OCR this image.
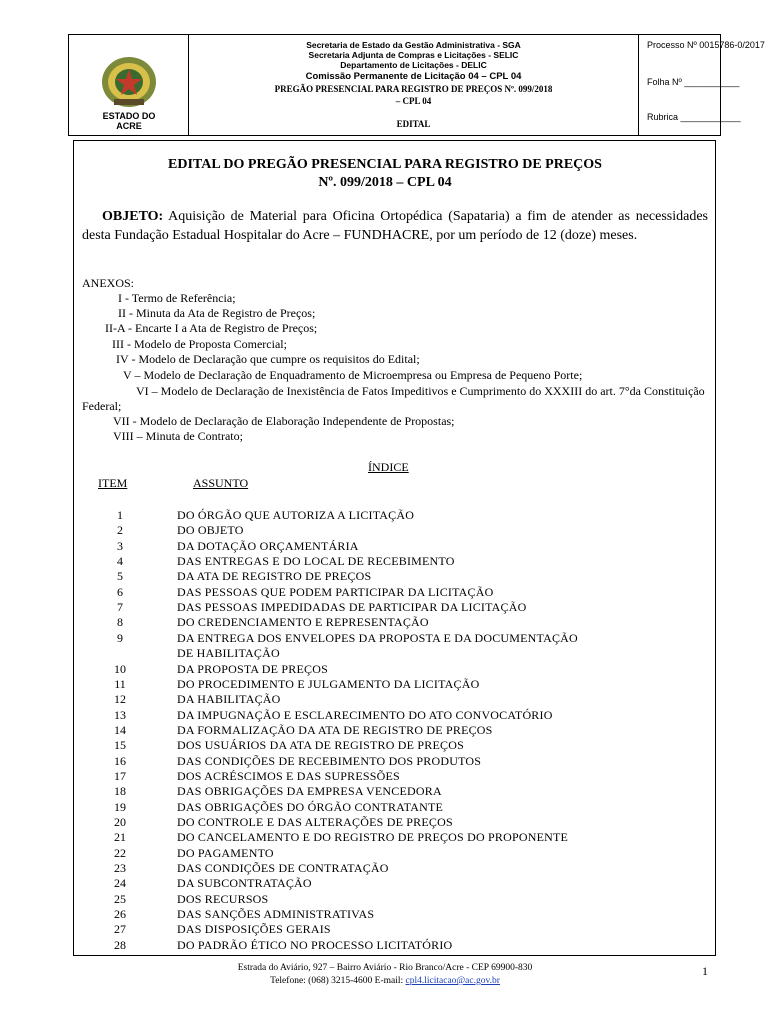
ESTADO DO
ACRE
Secretaria de Estado da Gestão Administrativa - SGA
Secretaria Adjunta de Compras e Licitações - SELIC
Departamento de Licitações - DELIC
Comissão Permanente de Licitação 04 – CPL 04
PREGÃO PRESENCIAL PARA REGISTRO DE PREÇOS Nº. 099/2018
– CPL 04
EDITAL
Processo Nº 0015786-0/2017
Folha Nº ___________
Rubrica ____________
EDITAL DO PREGÃO PRESENCIAL PARA REGISTRO DE PREÇOS
Nº. 099/2018 – CPL 04
OBJETO: Aquisição de Material para Oficina Ortopédica (Sapataria) a fim de atender as necessidades desta Fundação Estadual Hospitalar do Acre – FUNDHACRE, por um período de 12 (doze) meses.
ANEXOS:
I - Termo de Referência;
II - Minuta da Ata de Registro de Preços;
II-A - Encarte I a Ata de Registro de Preços;
III - Modelo de Proposta Comercial;
IV - Modelo de Declaração que cumpre os requisitos do Edital;
V – Modelo de Declaração de Enquadramento de Microempresa ou Empresa de Pequeno Porte;
VI – Modelo de Declaração de Inexistência de Fatos Impeditivos e Cumprimento do XXXIII do art. 7°da Constituição Federal;
VII - Modelo de Declaração de Elaboração Independente de Propostas;
VIII – Minuta de Contrato;
ÍNDICE
ITEM	ASSUNTO
1	DO ÓRGÃO QUE AUTORIZA A LICITAÇÃO
2	DO OBJETO
3	DA DOTAÇÃO ORÇAMENTÁRIA
4	DAS ENTREGAS E DO LOCAL DE RECEBIMENTO
5	DA ATA DE REGISTRO DE PREÇOS
6	DAS PESSOAS QUE PODEM PARTICIPAR DA LICITAÇÃO
7	DAS PESSOAS IMPEDIDADAS DE PARTICIPAR DA LICITAÇÃO
8	DO CREDENCIAMENTO E REPRESENTAÇÃO
9	DA ENTREGA DOS ENVELOPES DA PROPOSTA E DA DOCUMENTAÇÃO
DE HABILITAÇÃO
10	DA PROPOSTA DE PREÇOS
11	DO PROCEDIMENTO E JULGAMENTO DA LICITAÇÃO
12	DA HABILITAÇÃO
13	DA IMPUGNAÇÃO E ESCLARECIMENTO DO ATO CONVOCATÓRIO
14	DA FORMALIZAÇÃO DA ATA DE REGISTRO DE PREÇOS
15	DOS USUÁRIOS DA ATA DE REGISTRO DE PREÇOS
16	DAS CONDIÇÕES DE RECEBIMENTO DOS PRODUTOS
17	DOS ACRÉSCIMOS E DAS SUPRESSÕES
18	DAS OBRIGAÇÕES DA EMPRESA VENCEDORA
19	DAS OBRIGAÇÕES DO ÓRGÃO CONTRATANTE
20	DO CONTROLE E DAS ALTERAÇÕES DE PREÇOS
21	DO CANCELAMENTO E DO REGISTRO DE PREÇOS DO PROPONENTE
22	DO PAGAMENTO
23	DAS CONDIÇÕES DE CONTRATAÇÃO
24	DA SUBCONTRATAÇÃO
25	DOS RECURSOS
26	DAS SANÇÕES ADMINISTRATIVAS
27	DAS DISPOSIÇÕES GERAIS
28	DO PADRÃO ÉTICO NO PROCESSO LICITATÓRIO
Estrada do Aviário, 927 – Bairro Aviário - Rio Branco/Acre - CEP 69900-830
Telefone: (068) 3215-4600 E-mail: cpl4.licitacao@ac.gov.br
1
